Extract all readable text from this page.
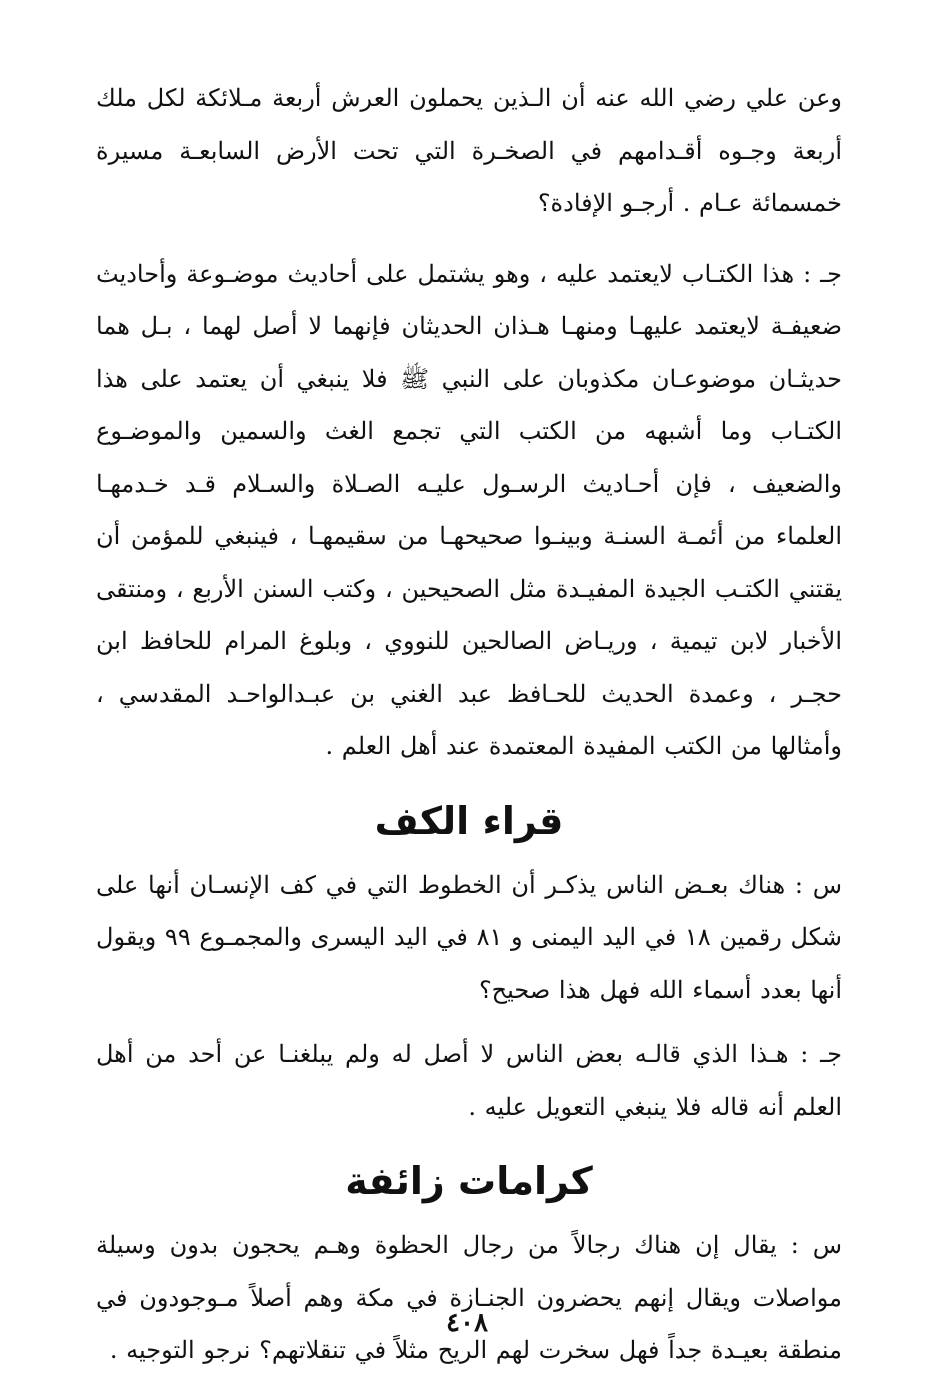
وعن علي رضي الله عنه أن الـذين يحملون العرش أربعة مـلائكة لكل ملك أربعة وجـوه أقـدامهم في الصخـرة التي تحت الأرض السابعـة مسيرة خمسمائة عـام . أرجـو الإفادة؟

جـ : هذا الكتـاب لايعتمد عليه ، وهو يشتمل على أحاديث موضـوعة وأحاديث ضعيفـة لايعتمد عليهـا ومنهـا هـذان الحديثان فإنهما لا أصل لهما ، بـل هما حديثـان موضوعـان مكذوبان على النبي ﷺ فلا ينبغي أن يعتمد على هذا الكتـاب وما أشبهه من الكتب التي تجمع الغث والسمين والموضـوع والضعيف ، فإن أحـاديث الرسـول عليـه الصـلاة والسـلام قـد خـدمهـا العلماء من أئمـة السنـة وبينـوا صحيحهـا من سقيمهـا ، فينبغي للمؤمن أن يقتني الكتـب الجيدة المفيـدة مثل الصحيحين ، وكتب السنن الأربع ، ومنتقى الأخبار لابن تيمية ، وريـاض الصالحين للنووي ، وبلوغ المرام للحافظ ابن حجـر ، وعمدة الحديث للحـافظ عبد الغني بن عبـدالواحـد المقدسي ، وأمثالها من الكتب المفيدة المعتمدة عند أهل العلم .

قراء الكف

س : هناك بعـض الناس يذكـر أن الخطوط التي في كف الإنسـان أنها على شكل رقمين ١٨ في اليد اليمنى و ٨١ في اليد اليسرى والمجمـوع ٩٩ ويقول أنها بعدد أسماء الله فهل هذا صحيح؟

جـ : هـذا الذي قالـه بعض الناس لا أصل له ولم يبلغنـا عن أحد من أهل العلم أنه قاله فلا ينبغي التعويل عليه .

كرامات زائفة

س : يقال إن هناك رجالاً من رجال الحظوة وهـم يحجون بدون وسيلة مواصلات ويقال إنهم يحضرون الجنـازة في مكة وهم أصلاً مـوجودون في منطقة بعيـدة جداً فهل سخرت لهم الريح مثلاً في تنقلاتهم؟ نرجو التوجيه .

٤٠٨
